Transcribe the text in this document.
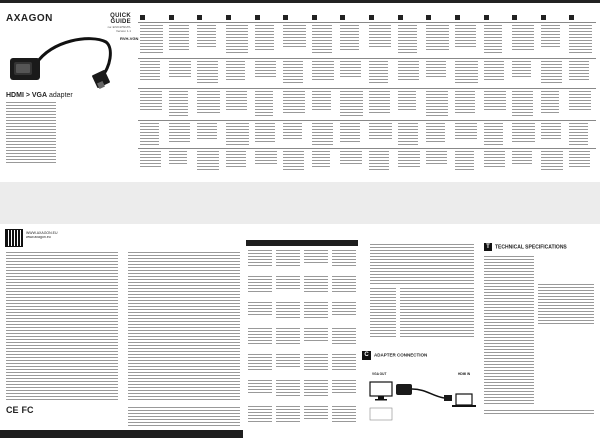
AXAGON	QUICK GUIDE
na: EN/CZ/SK/PL
Version 1.1
RVH-VGN
HDMI > VGA adapter
WWW.AXAGON.EU
www.axagon.eu
T TECHNICAL SPECIFICATIONS
C ADAPTER CONNECTION
VGA OUT	HDMI IN
CE FC
